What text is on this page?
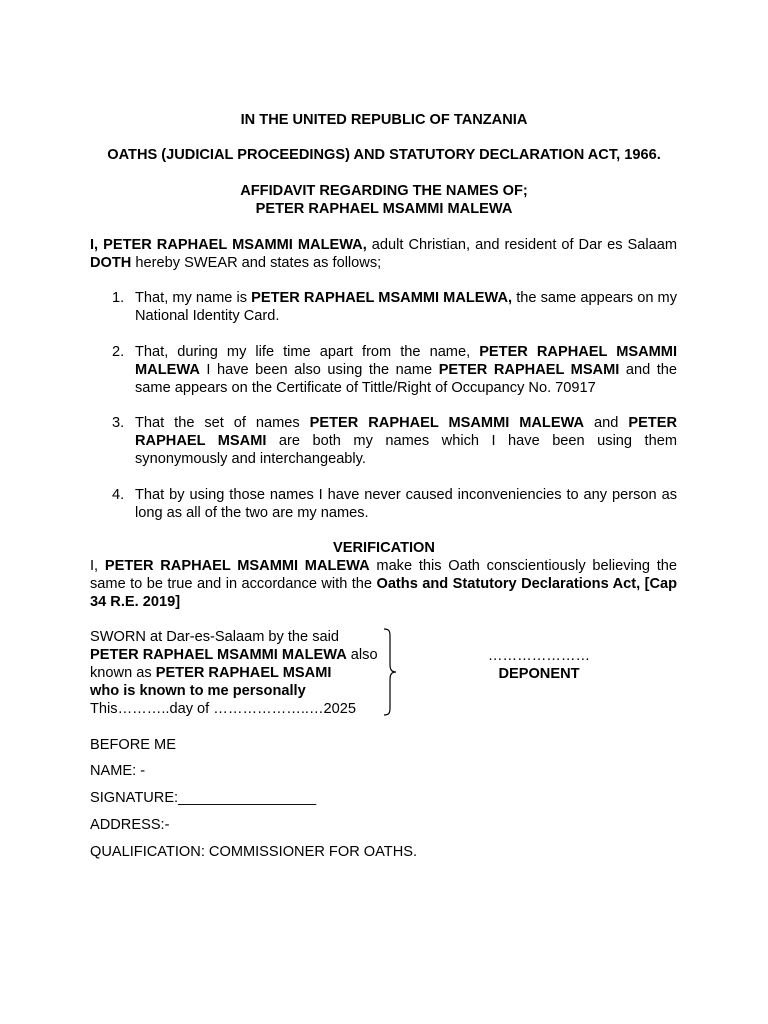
IN THE UNITED REPUBLIC OF TANZANIA

OATHS (JUDICIAL PROCEEDINGS) AND STATUTORY DECLARATION ACT, 1966.

AFFIDAVIT REGARDING THE NAMES OF;

PETER RAPHAEL MSAMMI MALEWA

I, PETER RAPHAEL MSAMMI MALEWA, adult Christian, and resident of Dar es Salaam DOTH hereby SWEAR and states as follows;

1. That, my name is PETER RAPHAEL MSAMMI MALEWA, the same appears on my National Identity Card.

2. That, during my life time apart from the name, PETER RAPHAEL MSAMMI MALEWA I have been also using the name PETER RAPHAEL MSAMI and the same appears on the Certificate of Tittle/Right of Occupancy No. 70917

3. That the set of names PETER RAPHAEL MSAMMI MALEWA and PETER RAPHAEL MSAMI are both my names which I have been using them synonymously and interchangeably.

4. That by using those names I have never caused inconveniencies to any person as long as all of the two are my names.

VERIFICATION

I, PETER RAPHAEL MSAMMI MALEWA make this Oath conscientiously believing the same to be true and in accordance with the Oaths and Statutory Declarations Act, [Cap 34 R.E. 2019]

SWORN at Dar-es-Salaam by the said
PETER RAPHAEL MSAMMI MALEWA also
known as PETER RAPHAEL MSAMI
who is known to me personally
This………..day of ………………..…2025
…………………
DEPONENT
BEFORE ME
NAME: -
SIGNATURE:_________________
ADDRESS:-
QUALIFICATION: COMMISSIONER FOR OATHS.
